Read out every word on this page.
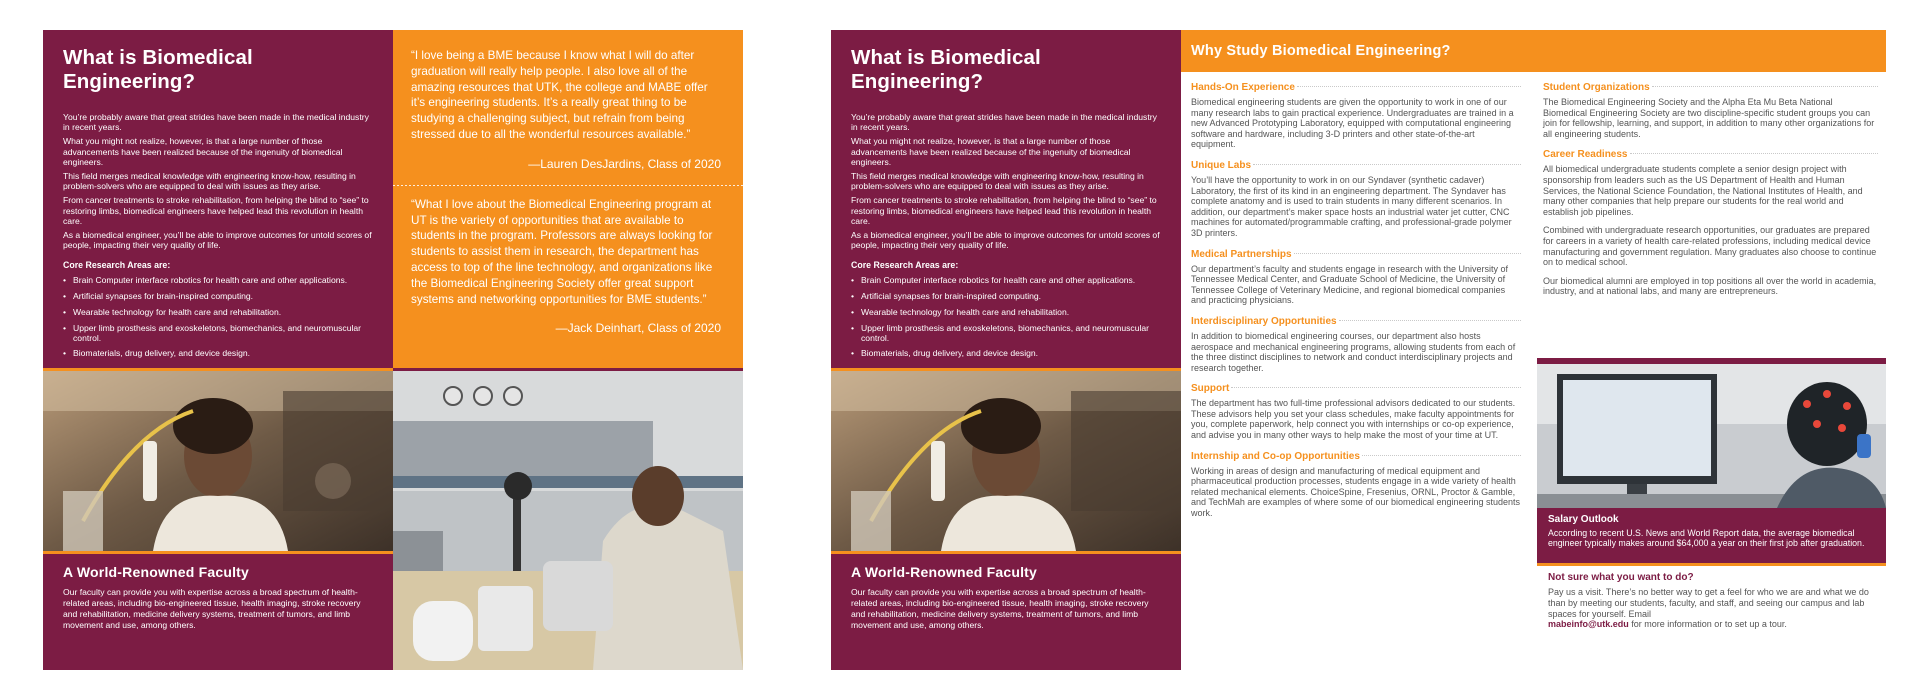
What is Biomedical Engineering?

You’re probably aware that great strides have been made in the medical industry in recent years.

What you might not realize, however, is that a large number of those advancements have been realized because of the ingenuity of biomedical engineers.

This field merges medical knowledge with engineering know-how, resulting in problem-solvers who are equipped to deal with issues as they arise.

From cancer treatments to stroke rehabilitation, from helping the blind to “see” to restoring limbs, biomedical engineers have helped lead this revolution in health care.

As a biomedical engineer, you’ll be able to improve outcomes for untold scores of people, impacting their very quality of life.

Core Research Areas are:
• Brain Computer interface robotics for health care and other applications.
• Artificial synapses for brain-inspired computing.
• Wearable technology for health care and rehabilitation.
• Upper limb prosthesis and exoskeletons, biomechanics, and neuromuscular control.
• Biomaterials, drug delivery, and device design.
“I love being a BME because I know what I will do after graduation will really help people. I also love all of the amazing resources that UTK, the college and MABE offer it’s engineering students. It’s a really great thing to be studying a challenging subject, but refrain from being stressed due to all the wonderful resources available.”
—Lauren DesJardins, Class of 2020
“What I love about the Biomedical Engineering program at UT is the variety of opportunities that are available to students in the program. Professors are always looking for students to assist them in research, the department has access to top of the line technology, and organizations like the Biomedical Engineering Society offer great support systems and networking opportunities for BME students.”
—Jack Deinhart, Class of 2020
A World-Renowned Faculty

Our faculty can provide you with expertise across a broad spectrum of health-related areas, including bio-engineered tissue, health imaging, stroke recovery and rehabilitation, medicine delivery systems, treatment of tumors, and limb movement and use, among others.

What is Biomedical Engineering?

You’re probably aware that great strides have been made in the medical industry in recent years.

What you might not realize, however, is that a large number of those advancements have been realized because of the ingenuity of biomedical engineers.

This field merges medical knowledge with engineering know-how, resulting in problem-solvers who are equipped to deal with issues as they arise.

From cancer treatments to stroke rehabilitation, from helping the blind to “see” to restoring limbs, biomedical engineers have helped lead this revolution in health care.

As a biomedical engineer, you’ll be able to improve outcomes for untold scores of people, impacting their very quality of life.

Core Research Areas are:
• Brain Computer interface robotics for health care and other applications.
• Artificial synapses for brain-inspired computing.
• Wearable technology for health care and rehabilitation.
• Upper limb prosthesis and exoskeletons, biomechanics, and neuromuscular control.
• Biomaterials, drug delivery, and device design.
A World-Renowned Faculty

Our faculty can provide you with expertise across a broad spectrum of health-related areas, including bio-engineered tissue, health imaging, stroke recovery and rehabilitation, medicine delivery systems, treatment of tumors, and limb movement and use, among others.

Why Study Biomedical Engineering?
Hands-On Experience

Biomedical engineering students are given the opportunity to work in one of our many research labs to gain practical experience. Undergraduates are trained in a new Advanced Prototyping Laboratory, equipped with computational engineering software and hardware, including 3-D printers and other state-of-the-art equipment.

Unique Labs

You’ll have the opportunity to work in on our Syndaver (synthetic cadaver) Laboratory, the first of its kind in an engineering department. The Syndaver has complete anatomy and is used to train students in many different scenarios. In addition, our department’s maker space hosts an industrial water jet cutter, CNC machines for automated/programmable crafting, and professional-grade polymer 3D printers.

Medical Partnerships

Our department’s faculty and students engage in research with the University of Tennessee Medical Center, and Graduate School of Medicine, the University of Tennessee College of Veterinary Medicine, and regional biomedical companies and practicing physicians.

Interdisciplinary Opportunities

In addition to biomedical engineering courses, our department also hosts aerospace and mechanical engineering programs, allowing students from each of the three distinct disciplines to network and conduct interdisciplinary projects and research together.

Support

The department has two full-time professional advisors dedicated to our students. These advisors help you set your class schedules, make faculty appointments for you, complete paperwork, help connect you with internships or co-op experience, and advise you in many other ways to help make the most of your time at UT.

Internship and Co-op Opportunities

Working in areas of design and manufacturing of medical equipment and pharmaceutical production processes, students engage in a wide variety of health related mechanical elements. ChoiceSpine, Fresenius, ORNL, Proctor & Gamble, and TechMah are examples of where some of our biomedical engineering students work.

Student Organizations

The Biomedical Engineering Society and the Alpha Eta Mu Beta National Biomedical Engineering Society are two discipline-specific student groups you can join for fellowship, learning, and support, in addition to many other organizations for all engineering students.

Career Readiness

All biomedical undergraduate students complete a senior design project with sponsorship from leaders such as the US Department of Health and Human Services, the National Science Foundation, the National Institutes of Health, and many other companies that help prepare our students for the real world and establish job pipelines.

Combined with undergraduate research opportunities, our graduates are prepared for careers in a variety of health care-related professions, including medical device manufacturing and government regulation. Many graduates also choose to continue on to medical school.

Our biomedical alumni are employed in top positions all over the world in academia, industry, and at national labs, and many are entrepreneurs.

Salary Outlook

According to recent U.S. News and World Report data, the average biomedical engineer typically makes around $64,000 a year on their first job after graduation.

Not sure what you want to do?

Pay us a visit. There’s no better way to get a feel for who we are and what we do than by meeting our students, faculty, and staff, and seeing our campus and lab spaces for yourself. Email
mabeinfo@utk.edu for more information or to set up a tour.
